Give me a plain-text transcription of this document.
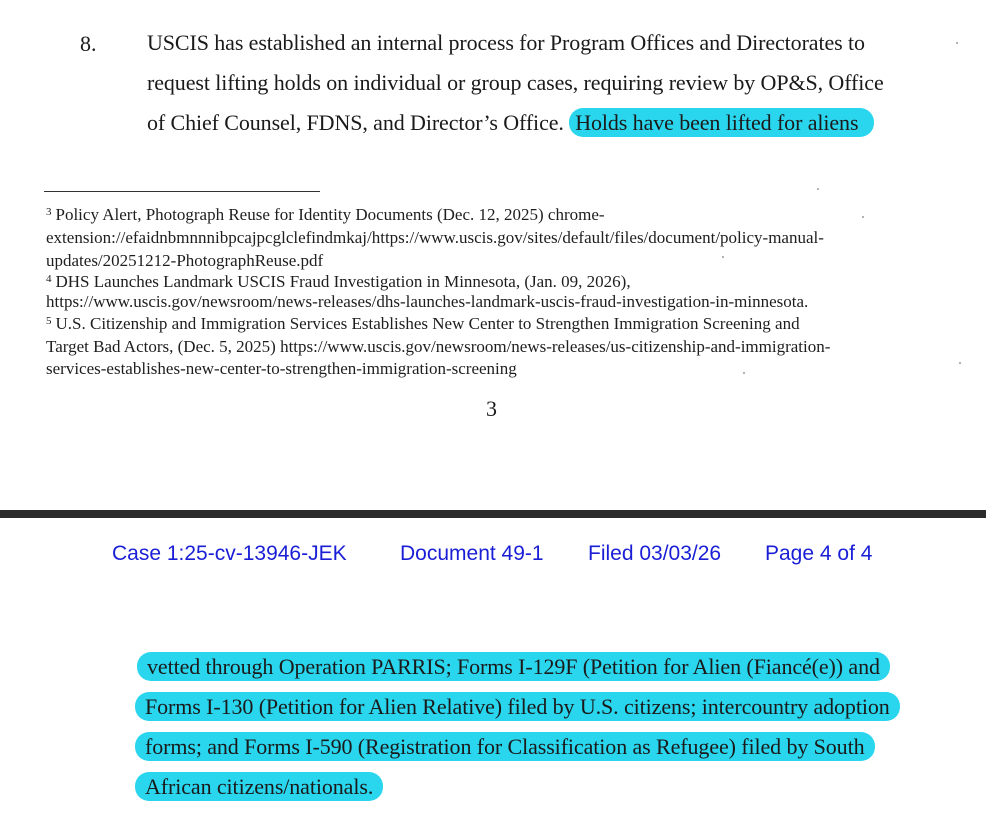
8. USCIS has established an internal process for Program Offices and Directorates to
request lifting holds on individual or group cases, requiring review by OP&S, Office
of Chief Counsel, FDNS, and Director’s Office. Holds have been lifted for aliens
$^3$ Policy Alert, Photograph Reuse for Identity Documents (Dec. 12, 2025) chrome-
extension://efaidnbmnnnibpcajpcglclefindmkaj/https://www.uscis.gov/sites/default/files/document/policy-manual-
updates/20251212-PhotographReuse.pdf
$^4$ DHS Launches Landmark USCIS Fraud Investigation in Minnesota, (Jan. 09, 2026),
https://www.uscis.gov/newsroom/news-releases/dhs-launches-landmark-uscis-fraud-investigation-in-minnesota.
$^5$ U.S. Citizenship and Immigration Services Establishes New Center to Strengthen Immigration Screening and
Target Bad Actors, (Dec. 5, 2025) https://www.uscis.gov/newsroom/news-releases/us-citizenship-and-immigration-
services-establishes-new-center-to-strengthen-immigration-screening
3
Case 1:25-cv-13946-JEK	Document 49-1 Filed 03/03/26 Page 4 of 4
vetted through Operation PARRIS; Forms I-129F (Petition for Alien (Fiancé(e)) and
Forms I-130 (Petition for Alien Relative) filed by U.S. citizens; intercountry adoption
forms; and Forms I-590 (Registration for Classification as Refugee) filed by South
African citizens/nationals.
